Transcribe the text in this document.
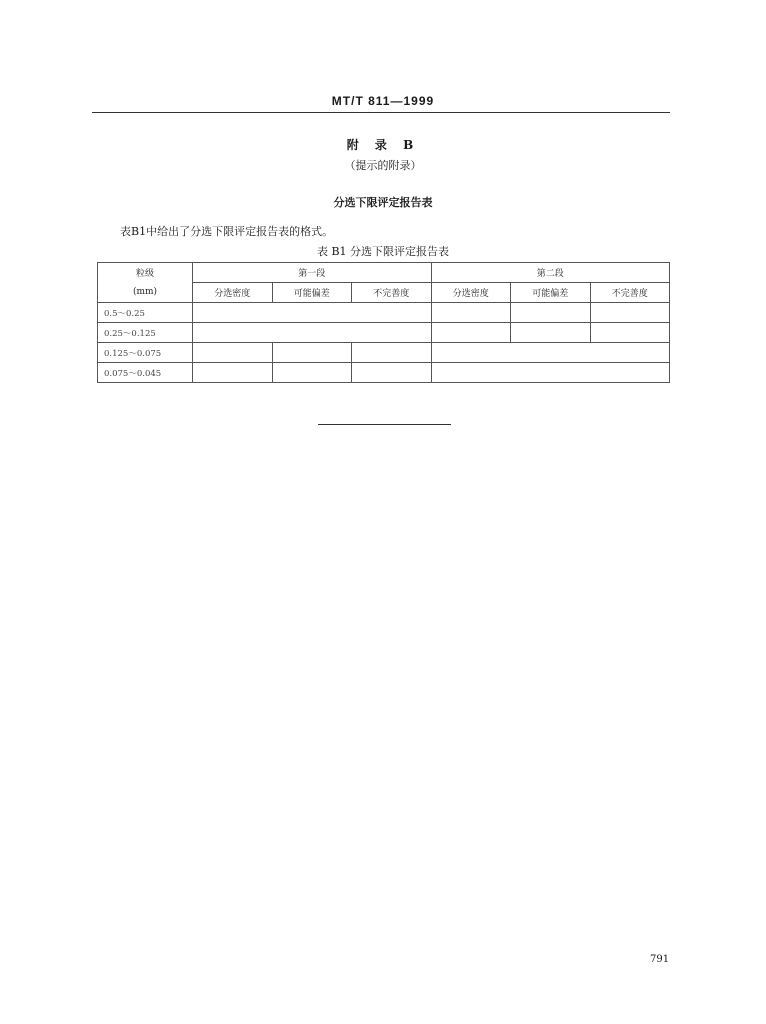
MT/T 811—1999
附 录 B
（提示的附录）
分选下限评定报告表
表B1中给出了分选下限评定报告表的格式。
表 B1 分选下限评定报告表
粒级	第一段			第二段		
(mm)	分选密度	可能偏差	不完善度	分选密度	可能偏差	不完善度
0.5～0.25						
0.25～0.125						
0.125～0.075						
0.075～0.045						
791
